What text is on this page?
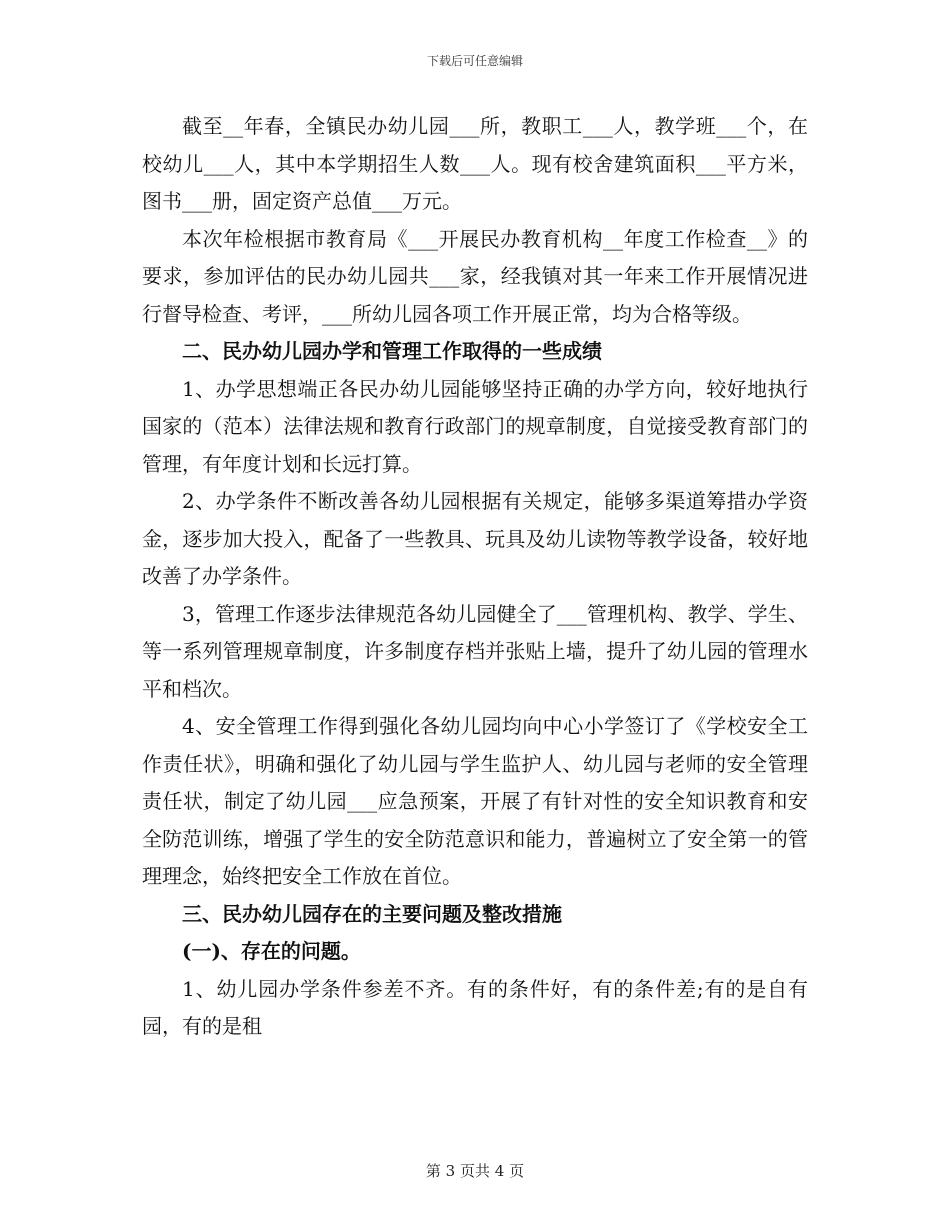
下载后可任意编辑

截至__年春，全镇民办幼儿园___所，教职工___人，教学班___个，在校幼儿___人，其中本学期招生人数___人。现有校舍建筑面积___平方米，图书___册，固定资产总值___万元。

本次年检根据市教育局《___开展民办教育机构__年度工作检查__》的要求，参加评估的民办幼儿园共___家，经我镇对其一年来工作开展情况进行督导检查、考评，___所幼儿园各项工作开展正常，均为合格等级。

二、民办幼儿园办学和管理工作取得的一些成绩

1、办学思想端正各民办幼儿园能够坚持正确的办学方向，较好地执行国家的（范本）法律法规和教育行政部门的规章制度，自觉接受教育部门的管理，有年度计划和长远打算。

2、办学条件不断改善各幼儿园根据有关规定，能够多渠道筹措办学资金，逐步加大投入，配备了一些教具、玩具及幼儿读物等教学设备，较好地改善了办学条件。

3，管理工作逐步法律规范各幼儿园健全了___管理机构、教学、学生、等一系列管理规章制度，许多制度存档并张贴上墙，提升了幼儿园的管理水平和档次。

4、安全管理工作得到强化各幼儿园均向中心小学签订了《学校安全工作责任状》，明确和强化了幼儿园与学生监护人、幼儿园与老师的安全管理责任状，制定了幼儿园___应急预案，开展了有针对性的安全知识教育和安全防范训练，增强了学生的安全防范意识和能力，普遍树立了安全第一的管理理念，始终把安全工作放在首位。

三、民办幼儿园存在的主要问题及整改措施

(一)、存在的问题。

1、幼儿园办学条件参差不齐。有的条件好，有的条件差;有的是自有园，有的是租

第 3 页共 4 页
